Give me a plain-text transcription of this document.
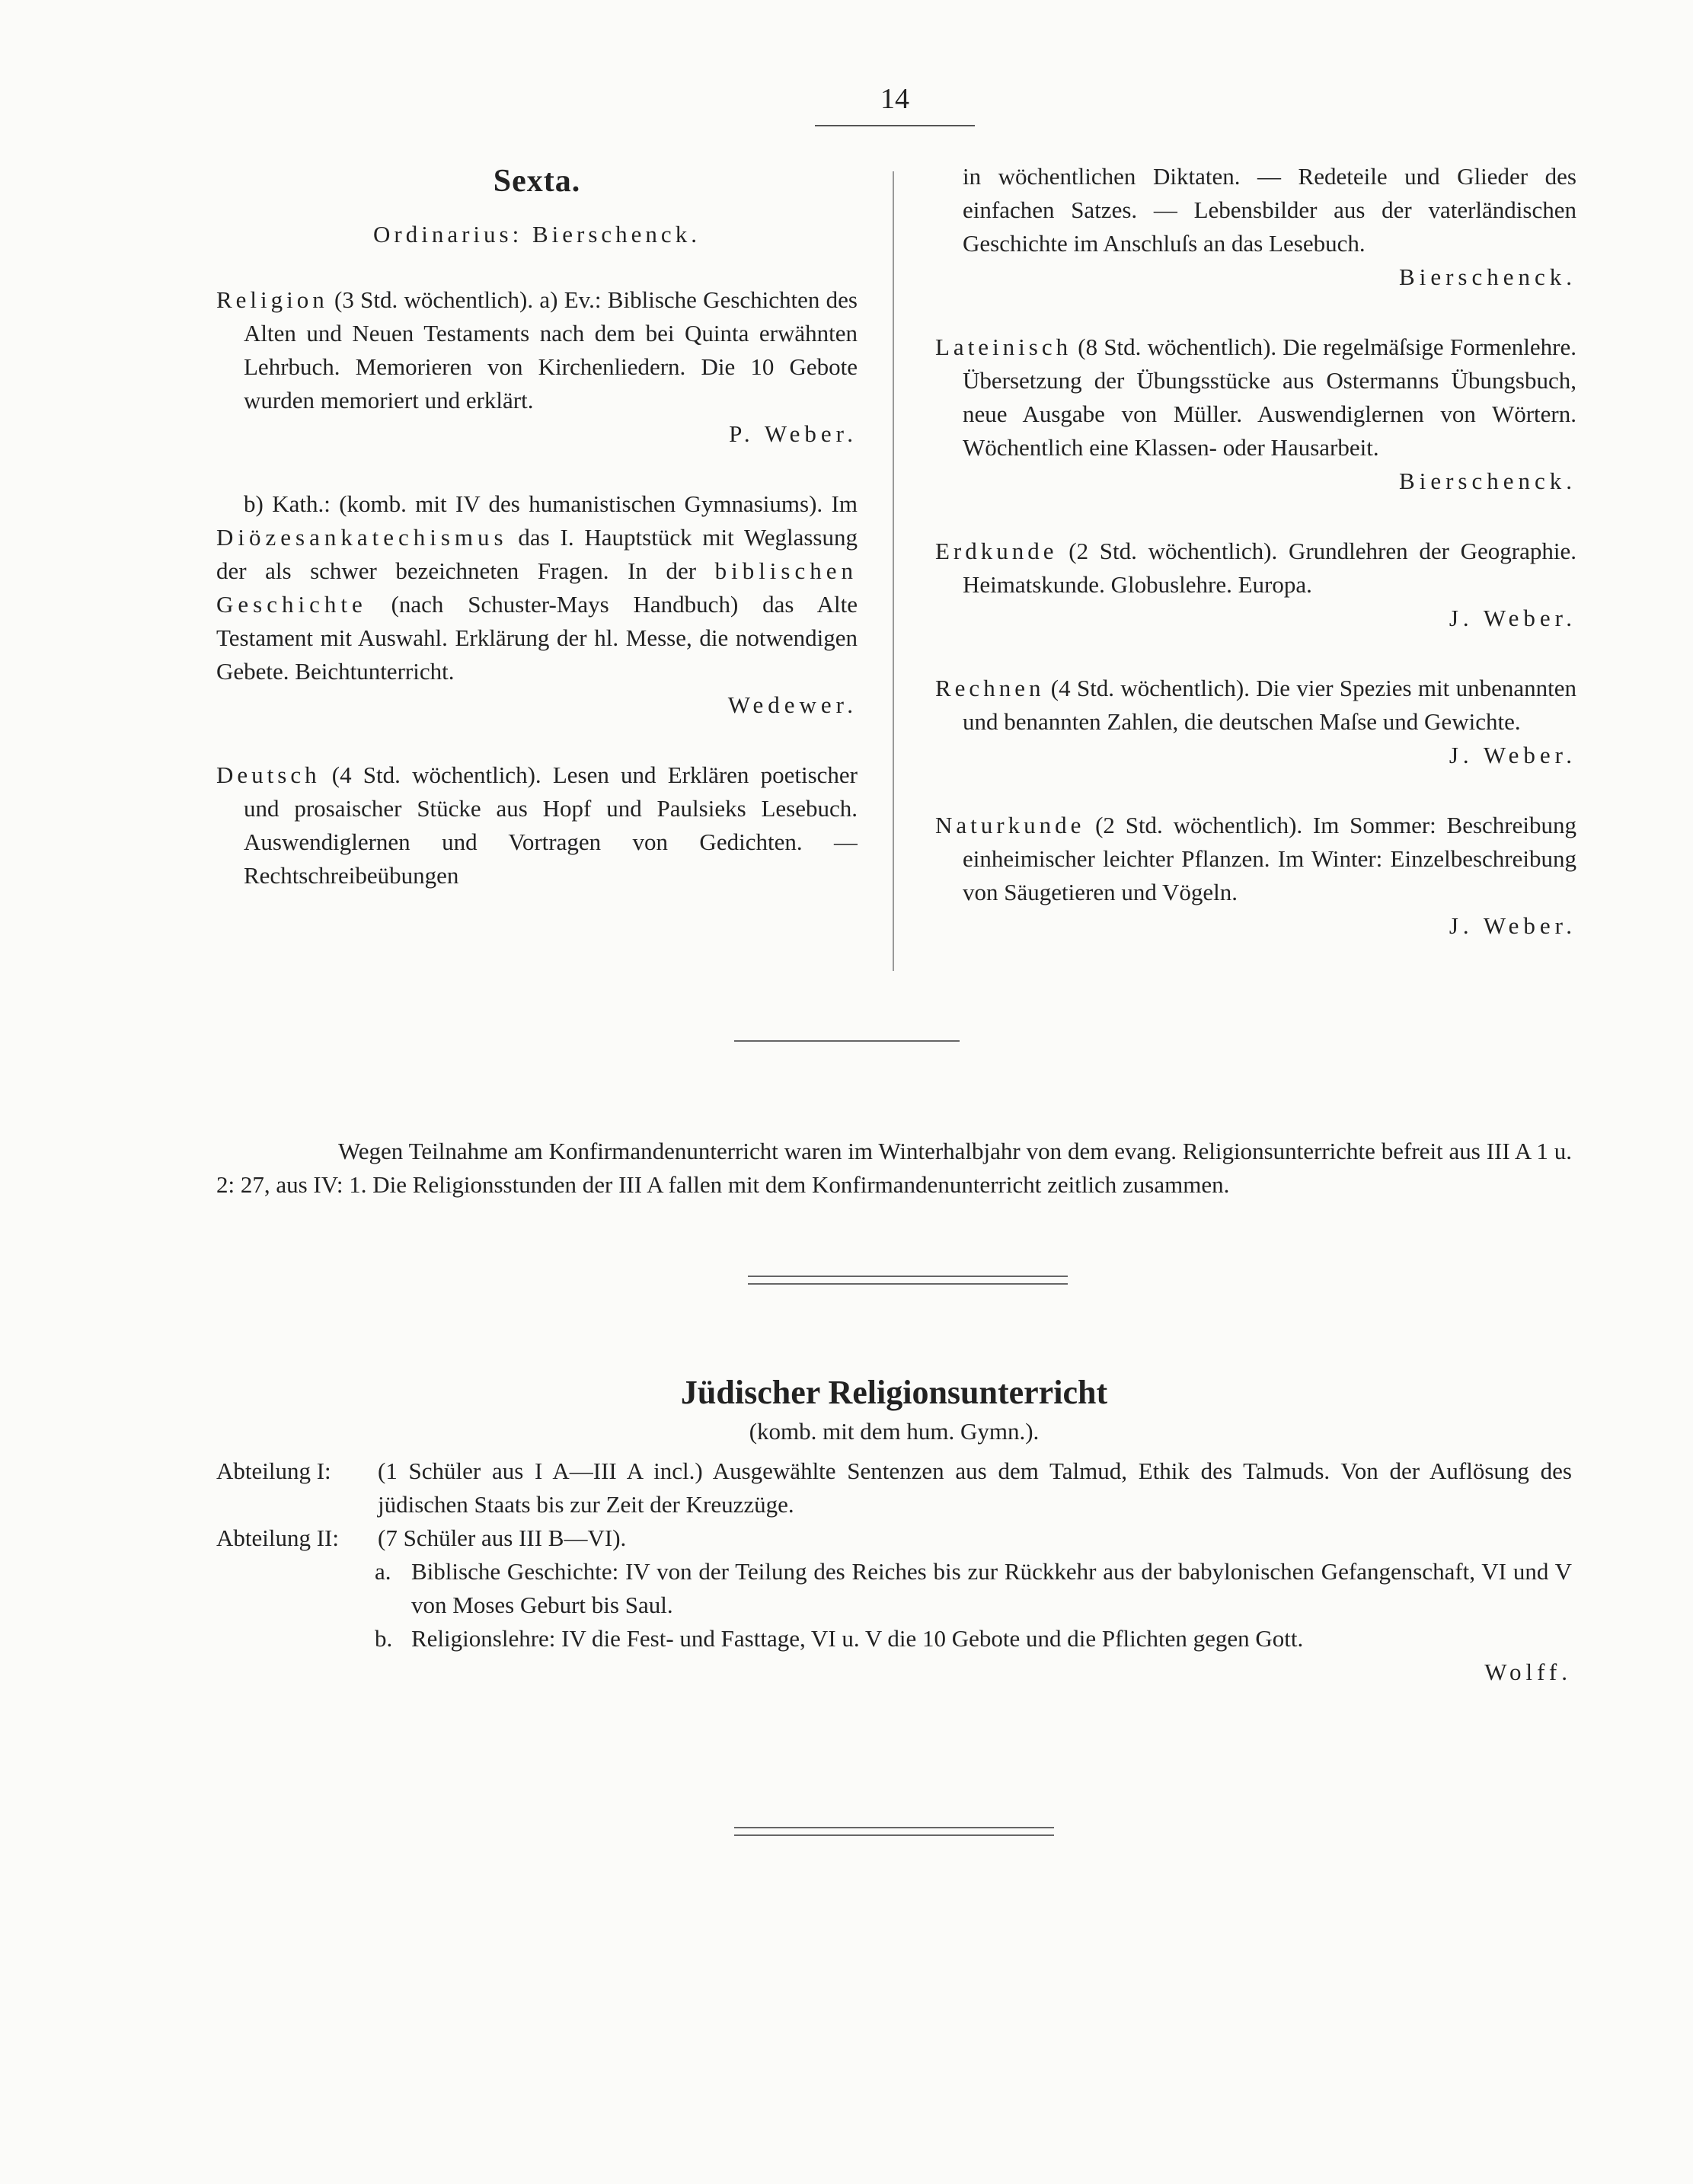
14
Sexta.
Ordinarius: Bierschenck.
Religion (3 Std. wöchentlich). a) Ev.: Biblische Geschichten des Alten und Neuen Testaments nach dem bei Quinta erwähnten Lehrbuch. Memorieren von Kirchenliedern. Die 10 Gebote wurden memoriert und erklärt.
P. Weber.
b) Kath.: (komb. mit IV des humanistischen Gymnasiums). Im Diözesankatechismus das I. Hauptstück mit Weglassung der als schwer bezeichneten Fragen. In der biblischen Geschichte (nach Schuster-Mays Handbuch) das Alte Testament mit Auswahl. Erklärung der hl. Messe, die notwendigen Gebete. Beichtunterricht.
Wedewer.
Deutsch (4 Std. wöchentlich). Lesen und Erklären poetischer und prosaischer Stücke aus Hopf und Paulsieks Lesebuch. Auswendiglernen und Vortragen von Gedichten. — Rechtschreibeübungen
in wöchentlichen Diktaten. — Redeteile und Glieder des einfachen Satzes. — Lebensbilder aus der vaterländischen Geschichte im Anschluſs an das Lesebuch.
Bierschenck.
Lateinisch (8 Std. wöchentlich). Die regelmäſsige Formenlehre. Übersetzung der Übungsstücke aus Ostermanns Übungsbuch, neue Ausgabe von Müller. Auswendiglernen von Wörtern. Wöchentlich eine Klassen- oder Hausarbeit.
Bierschenck.
Erdkunde (2 Std. wöchentlich). Grundlehren der Geographie. Heimatskunde. Globuslehre. Europa.
J. Weber.
Rechnen (4 Std. wöchentlich). Die vier Spezies mit unbenannten und benannten Zahlen, die deutschen Maſse und Gewichte.
J. Weber.
Naturkunde (2 Std. wöchentlich). Im Sommer: Beschreibung einheimischer leichter Pflanzen. Im Winter: Einzelbeschreibung von Säugetieren und Vögeln.
J. Weber.
Wegen Teilnahme am Konfirmandenunterricht waren im Winterhalbjahr von dem evang. Religionsunterrichte befreit aus III A 1 u. 2: 27, aus IV: 1. Die Religionsstunden der III A fallen mit dem Konfirmandenunterricht zeitlich zusammen.
Jüdischer Religionsunterricht
(komb. mit dem hum. Gymn.).
Abteilung I:	(1 Schüler aus I A—III A incl.) Ausgewählte Sentenzen aus dem Talmud, Ethik des Talmuds. Von der Auflösung des jüdischen Staats bis zur Zeit der Kreuzzüge.
Abteilung II:	(7 Schüler aus III B—VI).
a. Biblische Geschichte: IV von der Teilung des Reiches bis zur Rückkehr aus der babylonischen Gefangenschaft, VI und V von Moses Geburt bis Saul.
b. Religionslehre: IV die Fest- und Fasttage, VI u. V die 10 Gebote und die Pflichten gegen Gott.
Wolff.
